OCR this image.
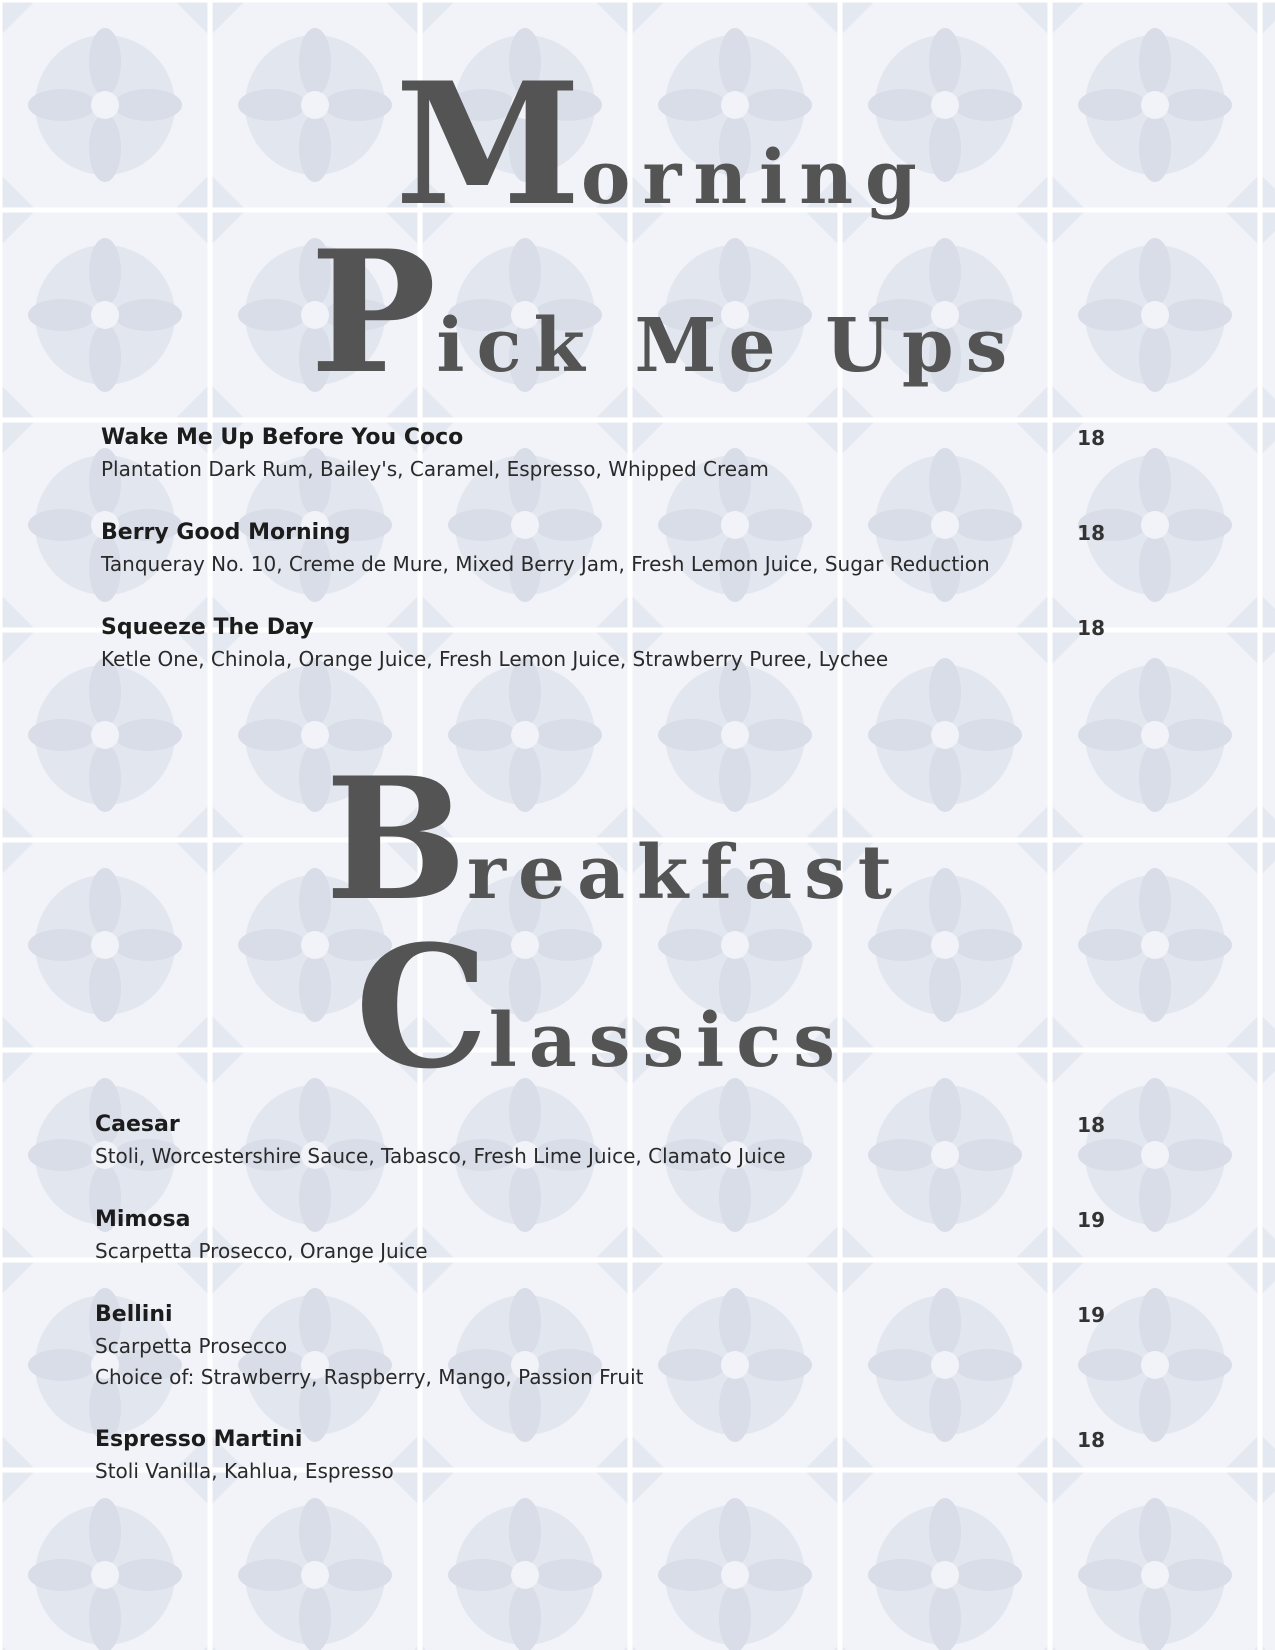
M orning
P ick Me Ups
Wake Me Up Before You Coco
Plantation Dark Rum, Bailey's, Caramel, Espresso, Whipped Cream
18
Berry Good Morning
Tanqueray No. 10, Creme de Mure, Mixed Berry Jam, Fresh Lemon Juice, Sugar Reduction
18
Squeeze The Day
Ketle One, Chinola, Orange Juice, Fresh Lemon Juice, Strawberry Puree, Lychee
18
B reakfast
C lassics
Caesar
Stoli, Worcestershire Sauce, Tabasco, Fresh Lime Juice, Clamato Juice
18
Mimosa
Scarpetta Prosecco, Orange Juice
19
Bellini
Scarpetta Prosecco
Choice of: Strawberry, Raspberry, Mango, Passion Fruit
19
Espresso Martini
Stoli Vanilla, Kahlua, Espresso
18
